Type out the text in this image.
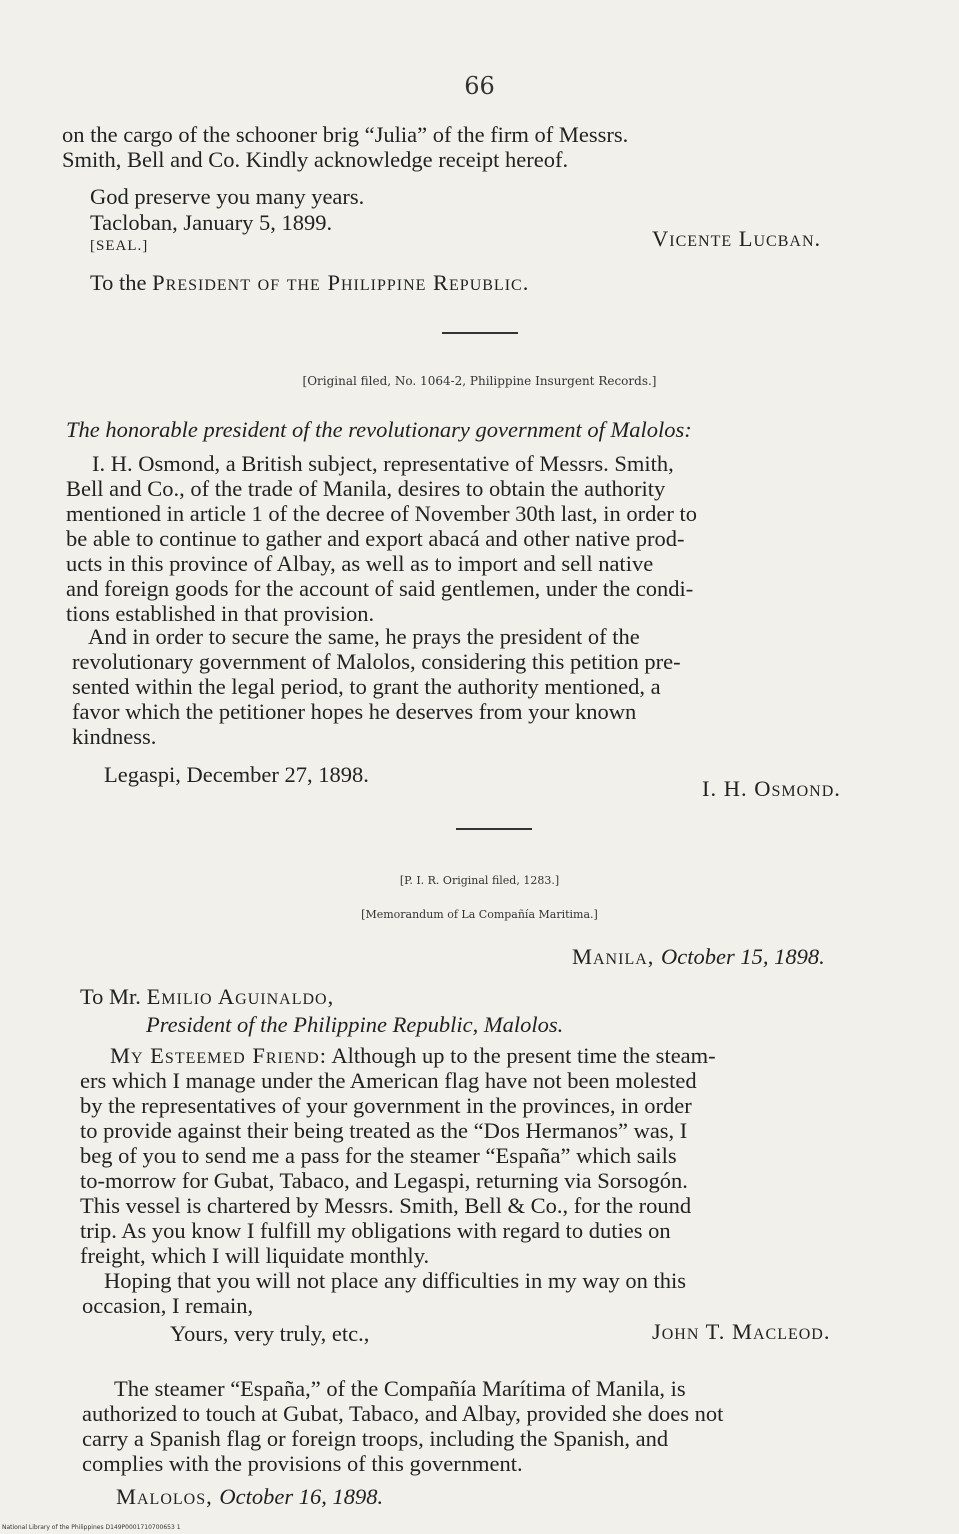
66
on the cargo of the schooner brig “Julia” of the firm of Messrs.
Smith, Bell and Co. Kindly acknowledge receipt hereof.
God preserve you many years.
Tacloban, January 5, 1899.
[SEAL.]	Vicente Lucban.
To the President of the Philippine Republic.
[Original filed, No. 1064-2, Philippine Insurgent Records.]
The honorable president of the revolutionary government of Malolos:
I. H. Osmond, a British subject, representative of Messrs. Smith,
Bell and Co., of the trade of Manila, desires to obtain the authority
mentioned in article 1 of the decree of November 30th last, in order to
be able to continue to gather and export abacá and other native prod-
ucts in this province of Albay, as well as to import and sell native
and foreign goods for the account of said gentlemen, under the condi-
tions established in that provision.
And in order to secure the same, he prays the president of the
revolutionary government of Malolos, considering this petition pre-
sented within the legal period, to grant the authority mentioned, a
favor which the petitioner hopes he deserves from your known
kindness.
Legaspi, December 27, 1898.
I. H. Osmond.
[P. I. R. Original filed, 1283.]
[Memorandum of La Compañía Maritima.]
Manila, October 15, 1898.
To Mr. Emilio Aguinaldo,
President of the Philippine Republic, Malolos.
My Esteemed Friend: Although up to the present time the steam-
ers which I manage under the American flag have not been molested
by the representatives of your government in the provinces, in order
to provide against their being treated as the “Dos Hermanos” was, I
beg of you to send me a pass for the steamer “España” which sails
to-morrow for Gubat, Tabaco, and Legaspi, returning via Sorsogón.
This vessel is chartered by Messrs. Smith, Bell & Co., for the round
trip. As you know I fulfill my obligations with regard to duties on
freight, which I will liquidate monthly.
Hoping that you will not place any difficulties in my way on this
occasion, I remain,
Yours, very truly, etc.,	John T. Macleod.
The steamer “España,” of the Compañía Marítima of Manila, is
authorized to touch at Gubat, Tabaco, and Albay, provided she does not
carry a Spanish flag or foreign troops, including the Spanish, and
complies with the provisions of this government.
Malolos, October 16, 1898.
National Library of the Philippines D149P0001710700653 1
